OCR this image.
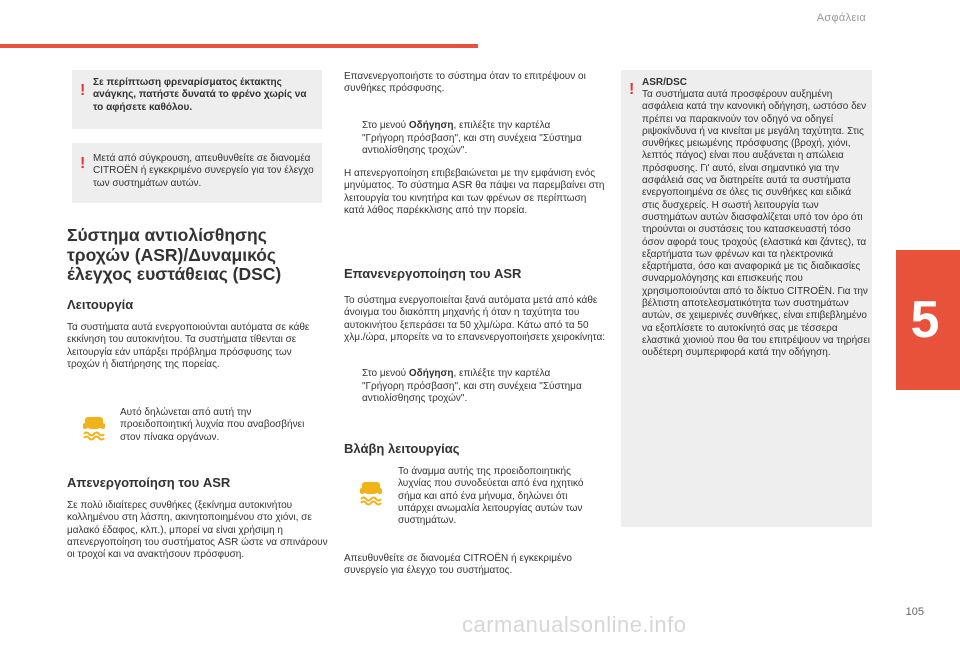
Ασφάλεια
5
! Σε περίπτωση φρεναρίσματος έκτακτης ανάγκης, πατήστε δυνατά το φρένο χωρίς να το αφήσετε καθόλου.
! Μετά από σύγκρουση, απευθυνθείτε σε διανομέα CITROËN ή εγκεκριμένο συνεργείο για τον έλεγχο των συστημάτων αυτών.
Σύστημα αντιολίσθησης
τροχών (ASR)/Δυναμικός
έλεγχος ευστάθειας (DSC)
Λειτουργία
Τα συστήματα αυτά ενεργοποιούνται αυτόματα σε κάθε εκκίνηση του αυτοκινήτου. Τα συστήματα τίθενται σε λειτουργία εάν υπάρξει πρόβλημα πρόσφυσης των τροχών ή διατήρησης της πορείας.
Αυτό δηλώνεται από αυτή την προειδοποιητική λυχνία που αναβοσβήνει στον πίνακα οργάνων.
Απενεργοποίηση του ASR
Σε πολύ ιδιαίτερες συνθήκες (ξεκίνημα αυτοκινήτου κολλημένου στη λάσπη, ακινητοποιημένου στο χιόνι, σε μαλακό έδαφος, κλπ.), μπορεί να είναι χρήσιμη η απενεργοποίηση του συστήματος ASR ώστε να σπινάρουν οι τροχοί και να ανακτήσουν πρόσφυση.
Επανενεργοποιήστε το σύστημα όταν το επιτρέψουν οι συνθήκες πρόσφυσης.

Στο μενού Οδήγηση, επιλέξτε την καρτέλα
"Γρήγορη πρόσβαση", και στη συνέχεια "Σύστημα
αντιολίσθησης τροχών".

Η απενεργοποίηση επιβεβαιώνεται με την εμφάνιση ενός μηνύματος. Το σύστημα ASR θα πάψει να παρεμβαίνει στη λειτουργία του κινητήρα και των φρένων σε περίπτωση κατά λάθος παρέκκλισης από την πορεία.
Επανενεργοποίηση του ASR
Το σύστημα ενεργοποιείται ξανά αυτόματα μετά από κάθε άνοιγμα του διακόπτη μηχανής ή όταν η ταχύτητα του αυτοκινήτου ξεπεράσει τα 50 χλμ/ώρα. Κάτω από τα 50 χλμ./ώρα, μπορείτε να το επανενεργοποιήσετε χειροκίνητα:

Στο μενού Οδήγηση, επιλέξτε την καρτέλα
"Γρήγορη πρόσβαση", και στη συνέχεια "Σύστημα
αντιολίσθησης τροχών".

Βλάβη λειτουργίας
Το άναμμα αυτής της προειδοποιητικής λυχνίας που συνοδεύεται από ένα ηχητικό σήμα και από ένα μήνυμα, δηλώνει ότι υπάρχει ανωμαλία λειτουργίας αυτών των συστημάτων.
Απευθυνθείτε σε διανομέα CITROËN ή εγκεκριμένο συνεργείο για έλεγχο του συστήματος.
! ASR/DSC
Τα συστήματα αυτά προσφέρουν αυξημένη ασφάλεια κατά την κανονική οδήγηση, ωστόσο δεν πρέπει να παρακινούν τον οδηγό να οδηγεί ριψοκίνδυνα ή να κινείται με μεγάλη ταχύτητα. Στις συνθήκες μειωμένης πρόσφυσης (βροχή, χιόνι, λεπτός πάγος) είναι που αυξάνεται η απώλεια πρόσφυσης. Γι' αυτό, είναι σημαντικό για την ασφάλειά σας να διατηρείτε αυτά τα συστήματα ενεργοποιημένα σε όλες τις συνθήκες και ειδικά στις δυσχερείς. Η σωστή λειτουργία των συστημάτων αυτών διασφαλίζεται υπό τον όρο ότι τηρούνται οι συστάσεις του κατασκευαστή τόσο όσον αφορά τους τροχούς (ελαστικά και ζάντες), τα εξαρτήματα των φρένων και τα ηλεκτρονικά εξαρτήματα, όσο και αναφορικά με τις διαδικασίες συναρμολόγησης και επισκευής που χρησιμοποιούνται από το δίκτυο CITROËN. Για την βέλτιστη αποτελεσματικότητα των συστημάτων αυτών, σε χειμερινές συνθήκες, είναι επιβεβλημένο να εξοπλίσετε το αυτοκίνητό σας με τέσσερα ελαστικά χιονιού που θα του επιτρέψουν να τηρήσει ουδέτερη συμπεριφορά κατά την οδήγηση.
105
carmanualsonline.info
